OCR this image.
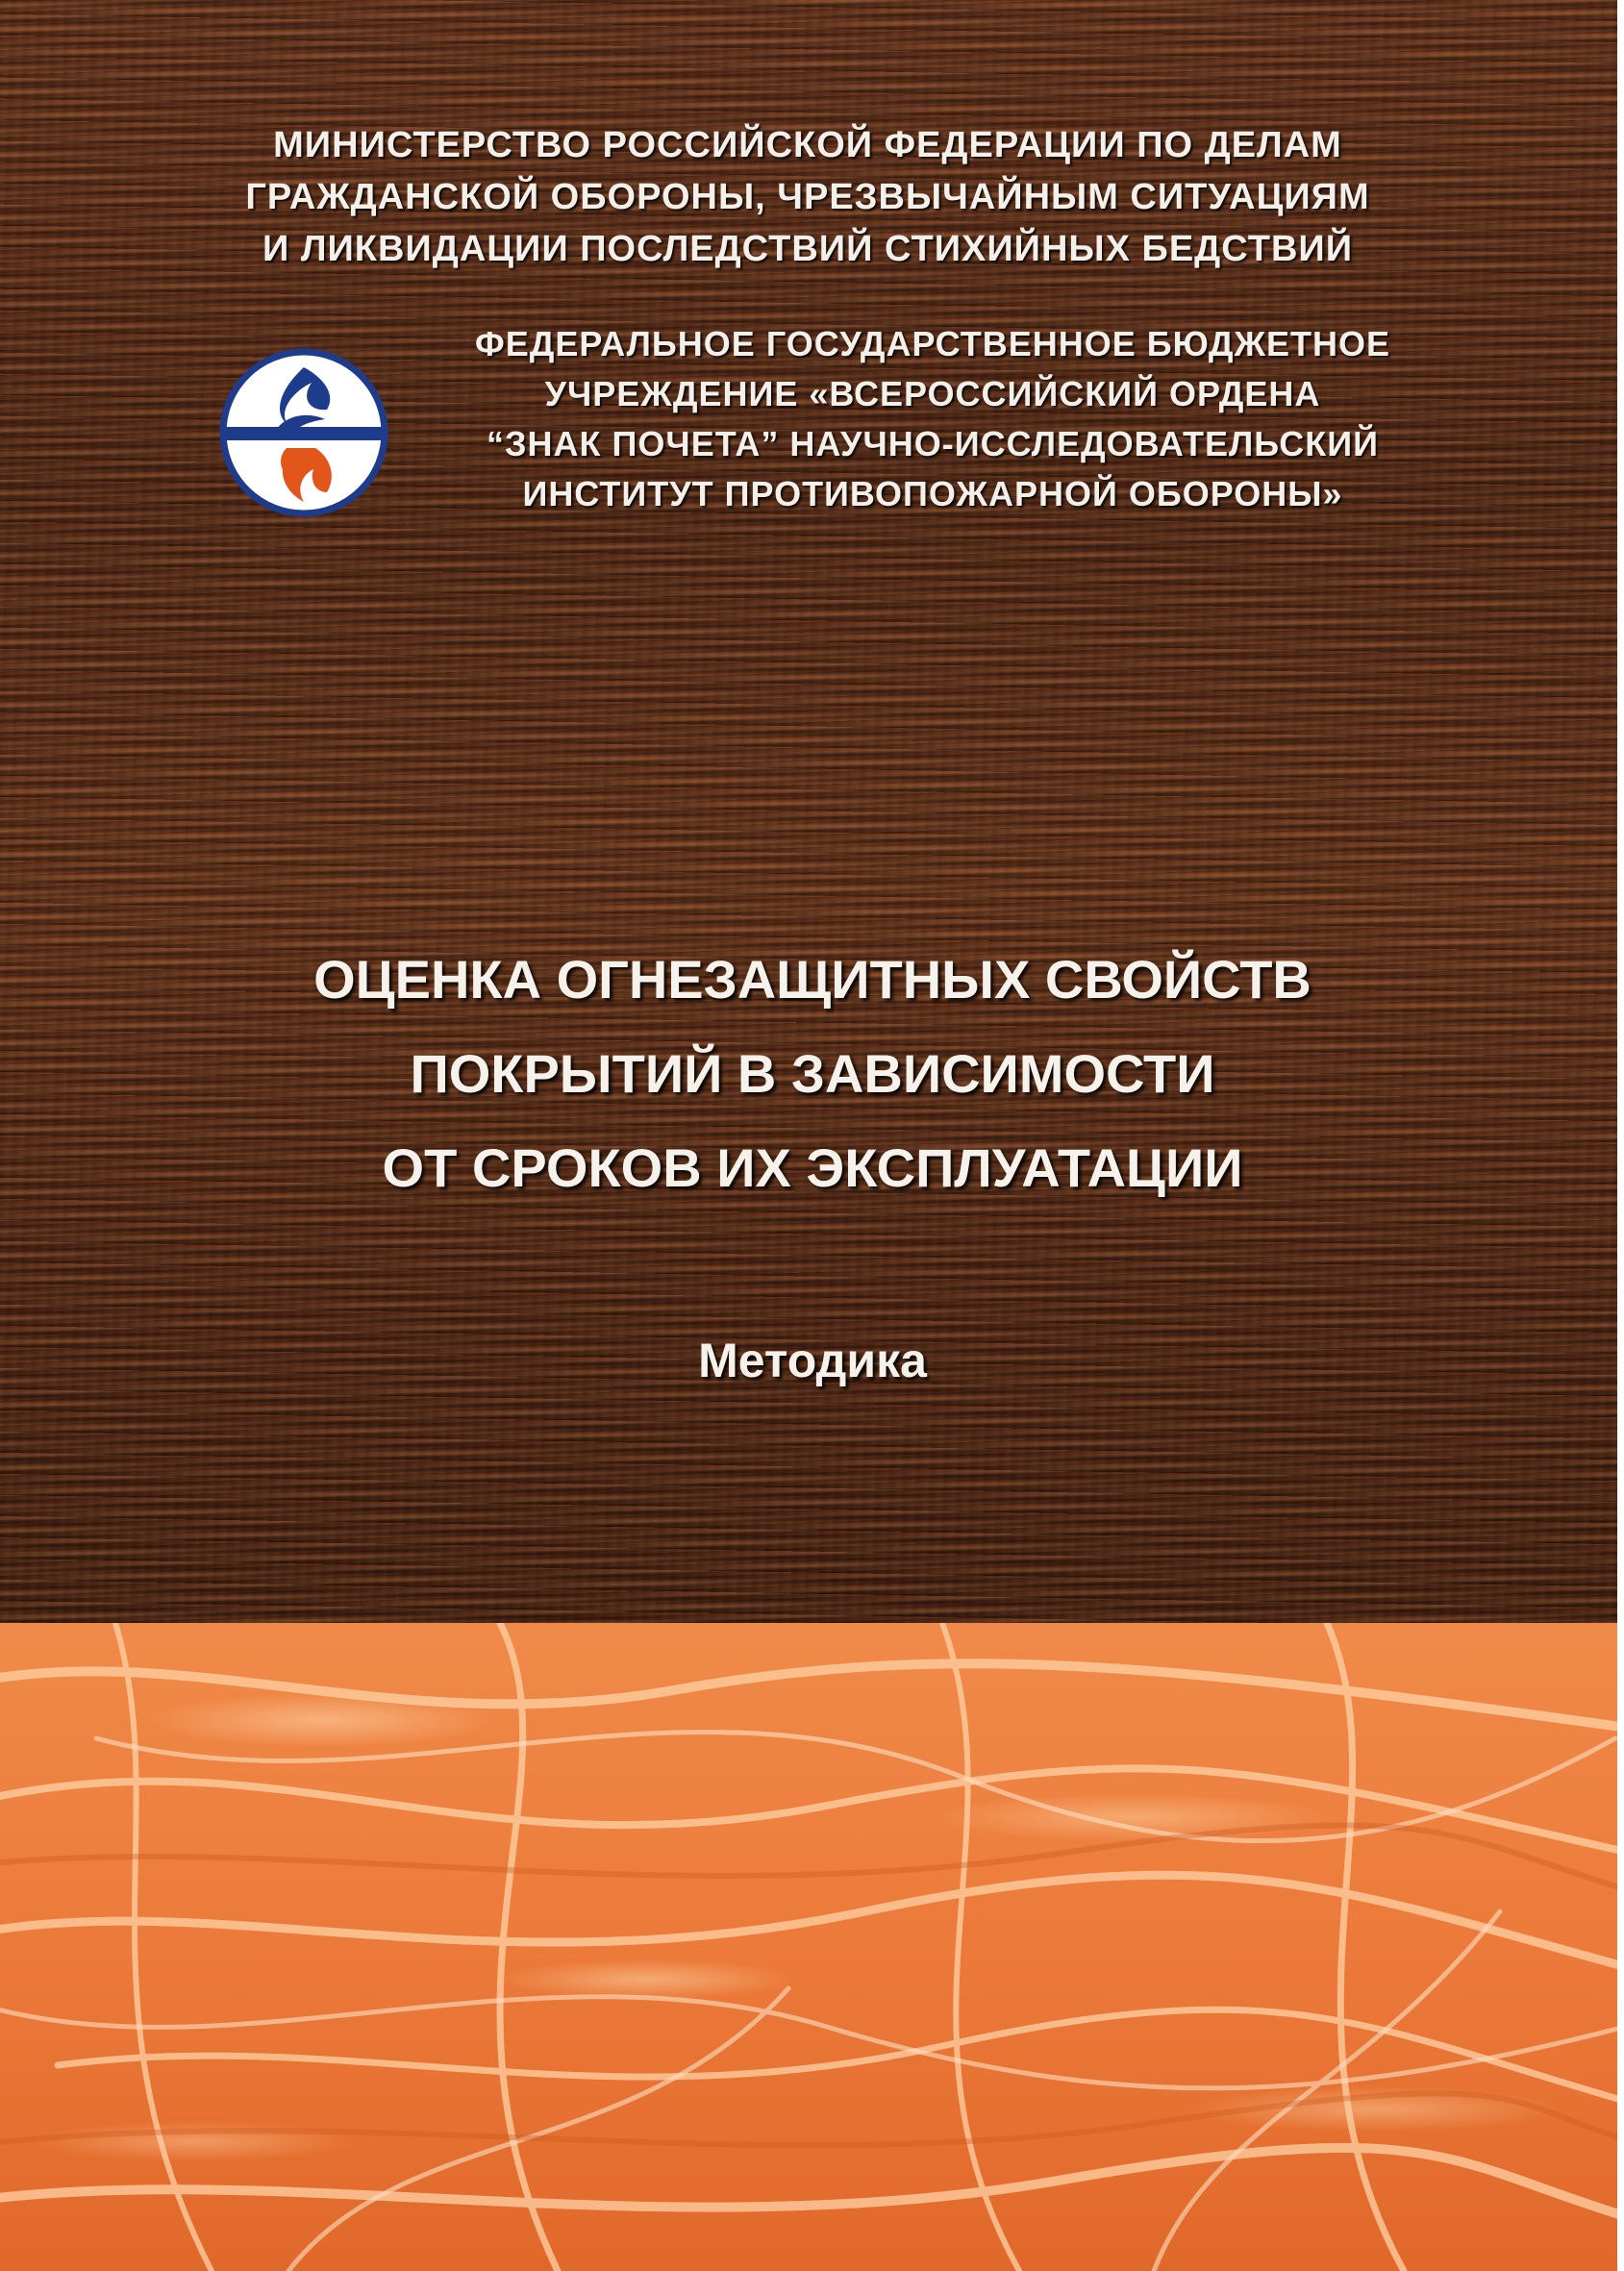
МИНИСТЕРСТВО РОССИЙСКОЙ ФЕДЕРАЦИИ ПО ДЕЛАМ
ГРАЖДАНСКОЙ ОБОРОНЫ, ЧРЕЗВЫЧАЙНЫМ СИТУАЦИЯМ
И ЛИКВИДАЦИИ ПОСЛЕДСТВИЙ СТИХИЙНЫХ БЕДСТВИЙ
ФЕДЕРАЛЬНОЕ ГОСУДАРСТВЕННОЕ БЮДЖЕТНОЕ
УЧРЕЖДЕНИЕ «ВСЕРОССИЙСКИЙ ОРДЕНА
“ЗНАК ПОЧЕТА” НАУЧНО-ИССЛЕДОВАТЕЛЬСКИЙ
ИНСТИТУТ ПРОТИВОПОЖАРНОЙ ОБОРОНЫ»
ОЦЕНКА ОГНЕЗАЩИТНЫХ СВОЙСТВ
ПОКРЫТИЙ В ЗАВИСИМОСТИ
ОТ СРОКОВ ИХ ЭКСПЛУАТАЦИИ
Методика
